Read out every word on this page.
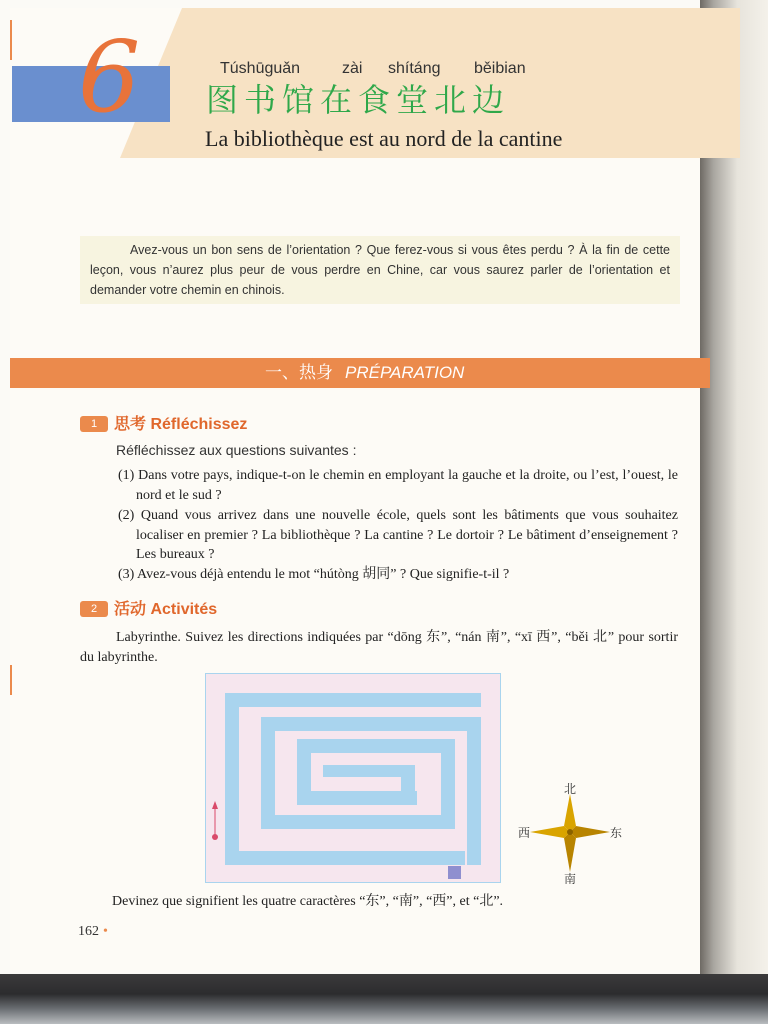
6	Túshūguǎn	zài shítáng běibian
图书馆在食堂北边
La bibliothèque est au nord de la cantine
Avez-vous un bon sens de l’orientation ? Que ferez-vous si vous êtes perdu ? À la fin de cette leçon, vous n’aurez plus peur de vous perdre en Chine, car vous saurez parler de l’orientation et demander votre chemin en chinois.
一、热身 PRÉPARATION
1 思考 Réfléchissez
Réfléchissez aux questions suivantes :
(1) Dans votre pays, indique-t-on le chemin en employant la gauche et la droite, ou l’est, l’ouest, le nord et le sud ?
(2) Quand vous arrivez dans une nouvelle école, quels sont les bâtiments que vous souhaitez localiser en premier ? La bibliothèque ? La cantine ? Le dortoir ? Le bâtiment d’enseignement ? Les bureaux ?
(3) Avez-vous déjà entendu le mot “hútòng 胡同” ? Que signifie-t-il ?
2 活动 Activités
Labyrinthe. Suivez les directions indiquées par “dōng 东”, “nán 南”, “xī 西”, “běi 北” pour sortir du labyrinthe.
北
南
西	东
Devinez que signifient les quatre caractères “东”, “南”, “西”, et “北”.
162 •
